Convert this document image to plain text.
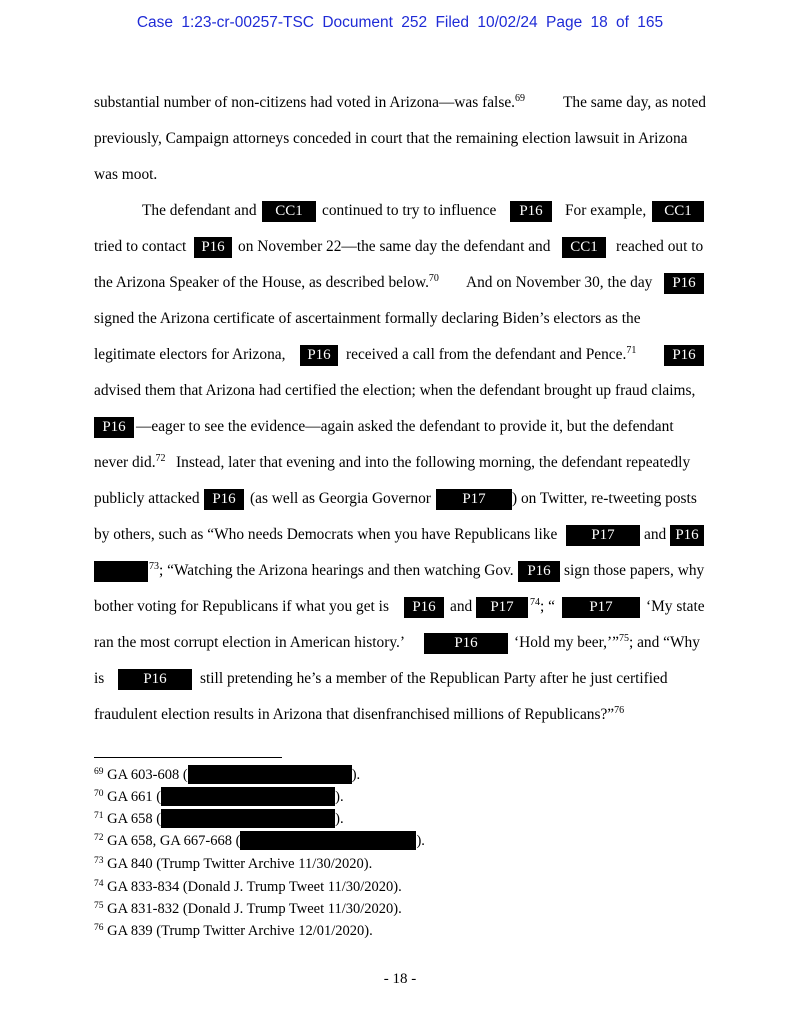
Case 1:23-cr-00257-TSC Document 252 Filed 10/02/24 Page 18 of 165
substantial number of non-citizens had voted in Arizona—was false.$^{69}$ The same day, as noted
previously, Campaign attorneys conceded in court that the remaining election lawsuit in Arizona
was moot.
The defendant and	CC1	continued to try to influence	P16	For example,	CC1
tried to contact	P16 on November 22—the same day the defendant and	CC1	reached out to
the Arizona Speaker of the House, as described below.$^{70}$ And on November 30, the day	P16
signed the Arizona certificate of ascertainment formally declaring Biden’s electors as the
legitimate electors for Arizona,	P16 received a call from the defendant and Pence.$^{71}$	P16
advised them that Arizona had certified the election; when the defendant brought up fraud claims,
P16 —eager to see the evidence—again asked the defendant to provide it, but the defendant
never did.$^{72}$ Instead, later that evening and into the following morning, the defendant repeatedly
publicly attacked P16 (as well as Georgia Governor	P17	) on Twitter, re-tweeting posts
by others, such as “Who needs Democrats when you have Republicans like	P17	and P16
$^{73}$; “Watching the Arizona hearings and then watching Gov. P16 sign those papers, why
bother voting for Republicans if what you get is	P16 and	P17	$^{74}$; “	P17	‘My state
ran the most corrupt election in American history.’	P16	‘Hold my beer,’”$^{75}$; and “Why
is	P16	still pretending he’s a member of the Republican Party after he just certified
fraudulent election results in Arizona that disenfranchised millions of Republicans?”$^{76}$
$^{69}$ GA 603-608 (	).
$^{70}$ GA 661 (	).
$^{71}$ GA 658 (	).
$^{72}$ GA 658, GA 667-668 (	).
$^{73}$ GA 840 (Trump Twitter Archive 11/30/2020).
$^{74}$ GA 833-834 (Donald J. Trump Tweet 11/30/2020).
$^{75}$ GA 831-832 (Donald J. Trump Tweet 11/30/2020).
$^{76}$ GA 839 (Trump Twitter Archive 12/01/2020).
- 18 -
